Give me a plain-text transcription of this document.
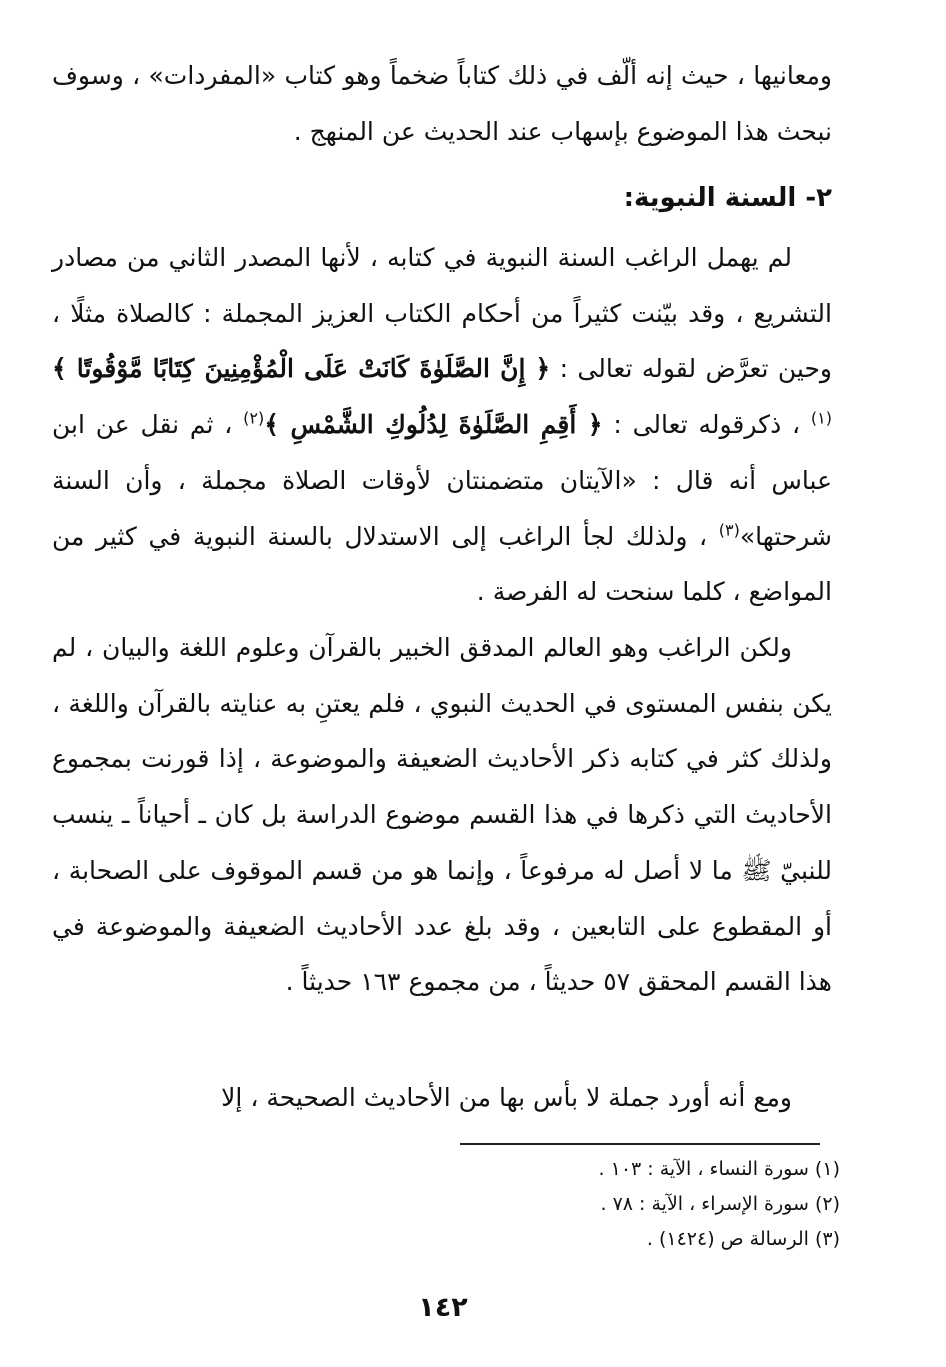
ومعانيها ، حيث إنه ألّف في ذلك كتاباً ضخماً وهو كتاب «المفردات» ، وسوف نبحث هذا الموضوع بإسهاب عند الحديث عن المنهج .

٢- السنة النبوية:

لم يهمل الراغب السنة النبوية في كتابه ، لأنها المصدر الثاني من مصادر التشريع ، وقد بيّنت كثيراً من أحكام الكتاب العزيز المجملة : كالصلاة مثلًا ، وحين تعرَّض لقوله تعالى : ﴿ إِنَّ الصَّلَوٰةَ كَانَتْ عَلَى الْمُؤْمِنِينَ كِتَابًا مَّوْقُوتًا ﴾$^{(١)}$ ، ذكرقوله تعالى : ﴿ أَقِمِ الصَّلَوٰةَ لِدُلُوكِ الشَّمْسِ ﴾$^{(٢)}$ ، ثم نقل عن ابن عباس أنه قال : «الآيتان متضمنتان لأوقات الصلاة مجملة ، وأن السنة شرحتها»$^{(٣)}$ ، ولذلك لجأ الراغب إلى الاستدلال بالسنة النبوية في كثير من المواضع ، كلما سنحت له الفرصة .

ولكن الراغب وهو العالم المدقق الخبير بالقرآن وعلوم اللغة والبيان ، لم يكن بنفس المستوى في الحديث النبوي ، فلم يعتنِ به عنايته بالقرآن واللغة ، ولذلك كثر في كتابه ذكر الأحاديث الضعيفة والموضوعة ، إذا قورنت بمجموع الأحاديث التي ذكرها في هذا القسم موضوع الدراسة بل كان ـ أحياناً ـ ينسب للنبيّ ﷺ ما لا أصل له مرفوعاً ، وإنما هو من قسم الموقوف على الصحابة ، أو المقطوع على التابعين ، وقد بلغ عدد الأحاديث الضعيفة والموضوعة في هذا القسم المحقق ٥٧ حديثاً ، من مجموع ١٦٣ حديثاً .

ومع أنه أورد جملة لا بأس بها من الأحاديث الصحيحة ، إلا

(١) سورة النساء ، الآية : ١٠٣ .
(٢) سورة الإسراء ، الآية : ٧٨ .
(٣) الرسالة ص (١٤٢٤) .
١٤٢
